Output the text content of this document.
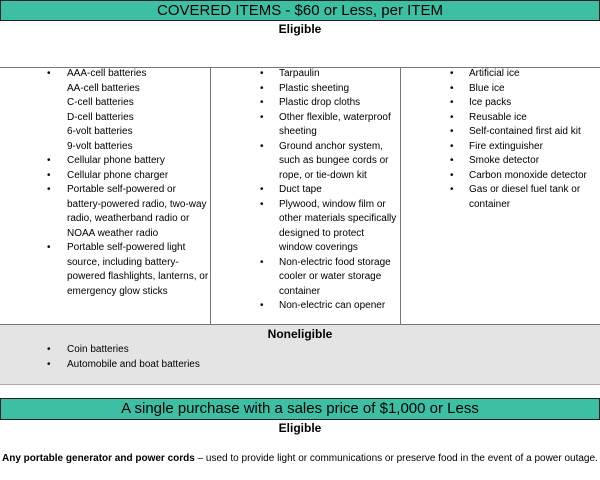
COVERED ITEMS - $60 or Less, per ITEM
Eligible
• AAA-cell batteries
AA-cell batteries
C-cell batteries
D-cell batteries
6-volt batteries
9-volt batteries
• Cellular phone battery
• Cellular phone charger
• Portable self-powered or battery-powered radio, two-way radio, weatherband radio or NOAA weather radio
• Portable self-powered light source, including battery-powered flashlights, lanterns, or emergency glow sticks
• Tarpaulin
• Plastic sheeting
• Plastic drop cloths
• Other flexible, waterproof sheeting
• Ground anchor system, such as bungee cords or rope, or tie-down kit
• Duct tape
• Plywood, window film or other materials specifically designed to protect window coverings
• Non-electric food storage cooler or water storage container
• Non-electric can opener
• Artificial ice
• Blue ice
• Ice packs
• Reusable ice
• Self-contained first aid kit
• Fire extinguisher
• Smoke detector
• Carbon monoxide detector
• Gas or diesel fuel tank or container
Noneligible
• Coin batteries
• Automobile and boat batteries
A single purchase with a sales price of $1,000 or Less
Eligible
Any portable generator and power cords – used to provide light or communications or preserve food in the event of a power outage.
